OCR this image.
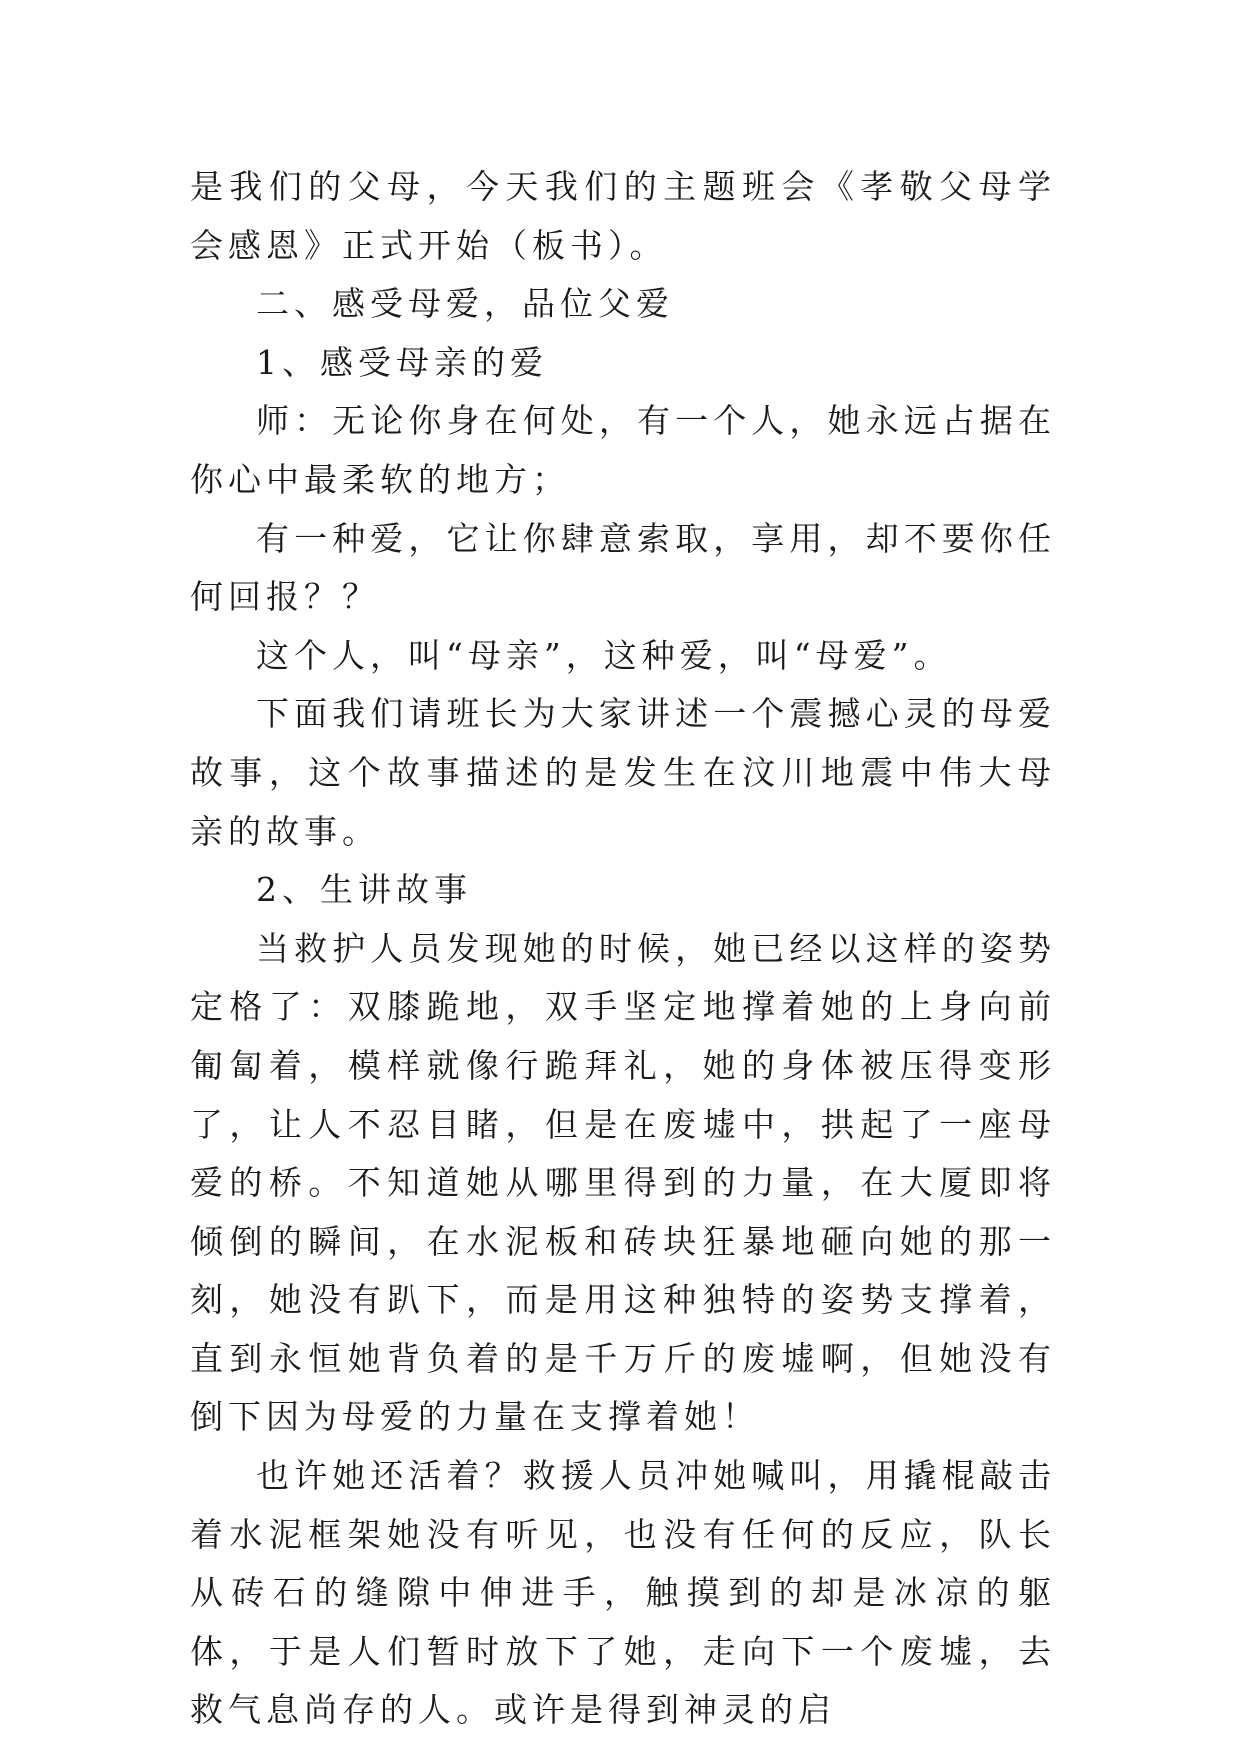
是我们的父母，今天我们的主题班会《孝敬父母学会感恩》正式开始（板书）。

二、感受母爱，品位父爱

1、感受母亲的爱

师：无论你身在何处，有一个人，她永远占据在你心中最柔软的地方；

有一种爱，它让你肆意索取，享用，却不要你任何回报？？

这个人，叫“母亲”，这种爱，叫“母爱”。

下面我们请班长为大家讲述一个震撼心灵的母爱故事，这个故事描述的是发生在汶川地震中伟大母亲的故事。

2、生讲故事

当救护人员发现她的时候，她已经以这样的姿势定格了：双膝跪地，双手坚定地撑着她的上身向前匍匐着，模样就像行跪拜礼，她的身体被压得变形了，让人不忍目睹，但是在废墟中，拱起了一座母爱的桥。不知道她从哪里得到的力量，在大厦即将倾倒的瞬间，在水泥板和砖块狂暴地砸向她的那一刻，她没有趴下，而是用这种独特的姿势支撑着，直到永恒她背负着的是千万斤的废墟啊，但她没有倒下因为母爱的力量在支撑着她！

也许她还活着？救援人员冲她喊叫，用撬棍敲击着水泥框架她没有听见，也没有任何的反应，队长从砖石的缝隙中伸进手，触摸到的却是冰凉的躯体，于是人们暂时放下了她，走向下一个废墟，去救气息尚存的人。或许是得到神灵的启
